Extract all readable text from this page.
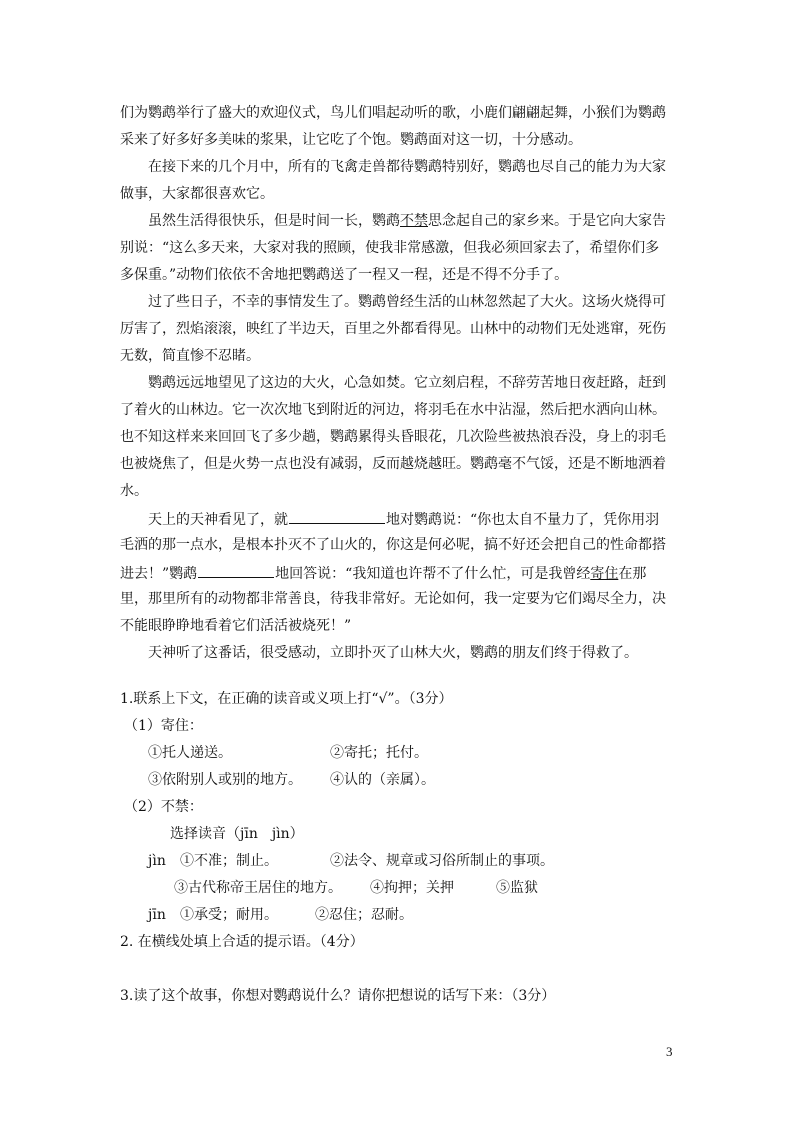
们为鹦鹉举行了盛大的欢迎仪式，鸟儿们唱起动听的歌，小鹿们翩翩起舞，小猴们为鹦鹉
采来了好多好多美味的浆果，让它吃了个饱。鹦鹉面对这一切，十分感动。
在接下来的几个月中，所有的飞禽走兽都待鹦鹉特别好，鹦鹉也尽自己的能力为大家
做事，大家都很喜欢它。
虽然生活得很快乐，但是时间一长，鹦鹉不禁思念起自己的家乡来。于是它向大家告
别说：“这么多天来，大家对我的照顾，使我非常感激，但我必须回家去了，希望你们多
多保重。”动物们依依不舍地把鹦鹉送了一程又一程，还是不得不分手了。
过了些日子，不幸的事情发生了。鹦鹉曾经生活的山林忽然起了大火。这场火烧得可
厉害了，烈焰滚滚，映红了半边天，百里之外都看得见。山林中的动物们无处逃窜，死伤
无数，简直惨不忍睹。
鹦鹉远远地望见了这边的大火，心急如焚。它立刻启程，不辞劳苦地日夜赶路，赶到
了着火的山林边。它一次次地飞到附近的河边，将羽毛在水中沾湿，然后把水洒向山林。
也不知这样来来回回飞了多少趟，鹦鹉累得头昏眼花，几次险些被热浪吞没，身上的羽毛
也被烧焦了，但是火势一点也没有减弱，反而越烧越旺。鹦鹉毫不气馁，还是不断地洒着
水。
天上的天神看见了，就	地对鹦鹉说：“你也太自不量力了，凭你用羽
毛洒的那一点水，是根本扑灭不了山火的，你这是何必呢，搞不好还会把自己的性命都搭
进去！”鹦鹉	地回答说：“我知道也许帮不了什么忙，可是我曾经寄住在那
里，那里所有的动物都非常善良，待我非常好。无论如何，我一定要为它们竭尽全力，决
不能眼睁睁地看着它们活活被烧死！”
天神听了这番话，很受感动，立即扑灭了山林大火，鹦鹉的朋友们终于得救了。
1.联系上下文，在正确的读音或义项上打“√”。（3分）
（1）寄住：
①托人递送。	②寄托；托付。
③依附别人或别的地方。 ④认的（亲属）。
（2）不禁：
选择读音（jīn　jìn）
jìn ①不准；制止。	②法令、规章或习俗所制止的事项。
③古代称帝王居住的地方。 ④拘押；关押	⑤监狱
jīn ①承受；耐用。	②忍住；忍耐。
2. 在横线处填上合适的提示语。（4分）
3.读了这个故事，你想对鹦鹉说什么？请你把想说的话写下来：（3分）
3
